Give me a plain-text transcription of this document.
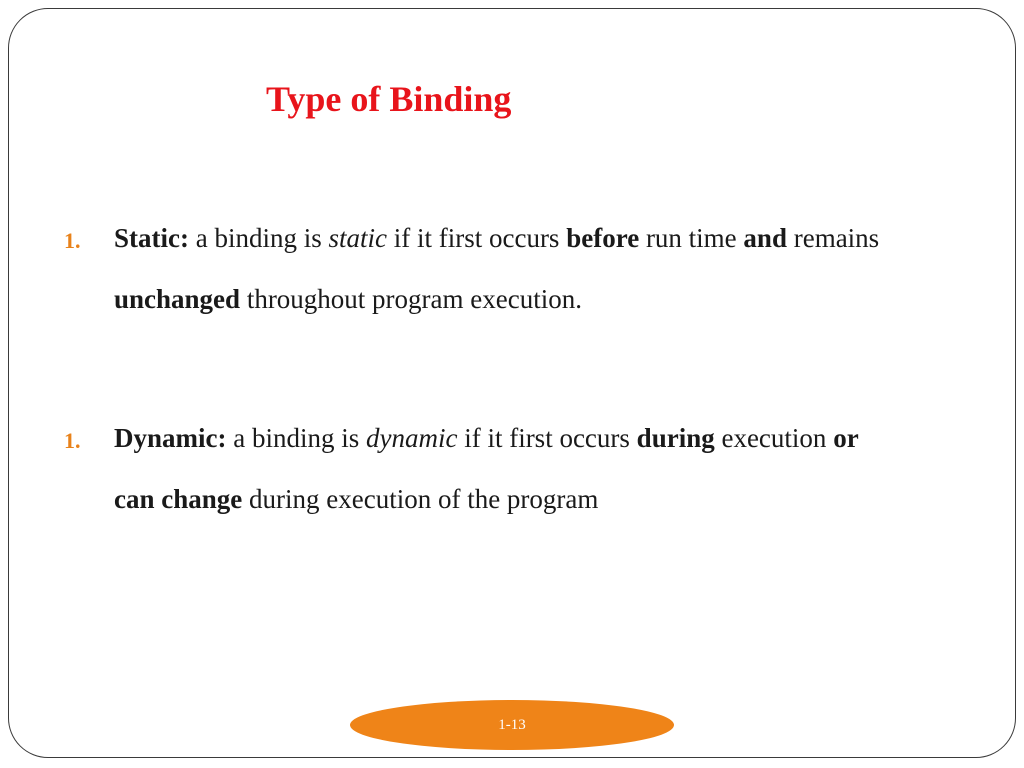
Type of Binding
1. Static: a binding is static if it first occurs before run time and remains
unchanged throughout program execution.
1. Dynamic: a binding is dynamic if it first occurs during execution or
can change during execution of the program
1-13
